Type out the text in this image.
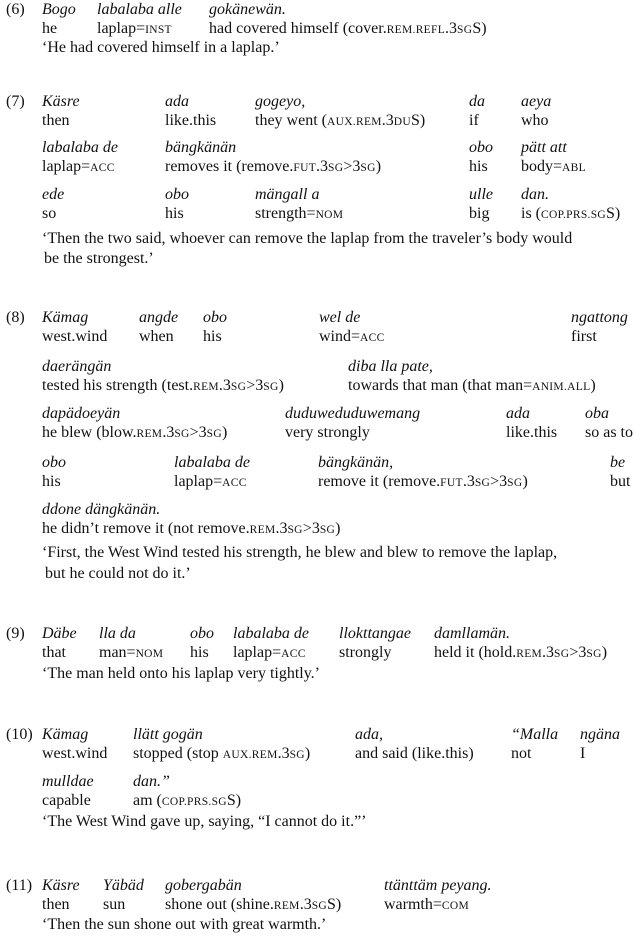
(6) Bogo
he
labalaba alle
laplap=INST
gokänewän.
had covered himself (cover.REM.REFL.3SGS)
‘He had covered himself in a laplap.’
(7) Käsre
then
ada
like.this
gogeyo,
they went (AUX.REM.3DUS)
da
if
aeya
who
labalaba de
laplap=ACC
bängkänän
removes it (remove.FUT.3SG>3SG)
obo
his
pätt att
body=ABL
ede
so
obo
his
mängall a
strength=NOM
ulle
big
dan.
is (COP.PRS.SGS)
‘Then the two said, whoever can remove the laplap from the traveler’s body would
be the strongest.’
(8) Kämag
west.wind
angde
when
obo
his
wel de
wind=ACC
ngattong
first
daerängän
tested his strength (test.REM.3SG>3SG)
diba lla pate,
towards that man (that man=ANIM.ALL)
dapädoeyän
he blew (blow.REM.3SG>3SG)
duduweduduwemang
very strongly
ada
like.this
oba
so as to
obo
his
labalaba de
laplap=ACC
bängkänän,
remove it (remove.FUT.3SG>3SG)
be
but
ddone dängkänän.
he didn’t remove it (not remove.REM.3SG>3SG)
‘First, the West Wind tested his strength, he blew and blew to remove the laplap,
but he could not do it.’
(9) Däbe
that
lla da
man=NOM
obo
his
labalaba de
laplap=ACC
llokttangae
strongly
damllamän.
held it (hold.REM.3SG>3SG)
‘The man held onto his laplap very tightly.’
(10) Kämag
west.wind
llätt gogän
stopped (stop AUX.REM.3SG)
ada,
and said (like.this)
“Malla
not
ngäna
I
mulldae
capable
dan.”
am (COP.PRS.SGS)
‘The West Wind gave up, saying, “I cannot do it.”’
(11) Käsre
then
Yäbäd
sun
gobergabän
shone out (shine.REM.3SGS)
ttänttäm peyang.
warmth=COM
‘Then the sun shone out with great warmth.’
